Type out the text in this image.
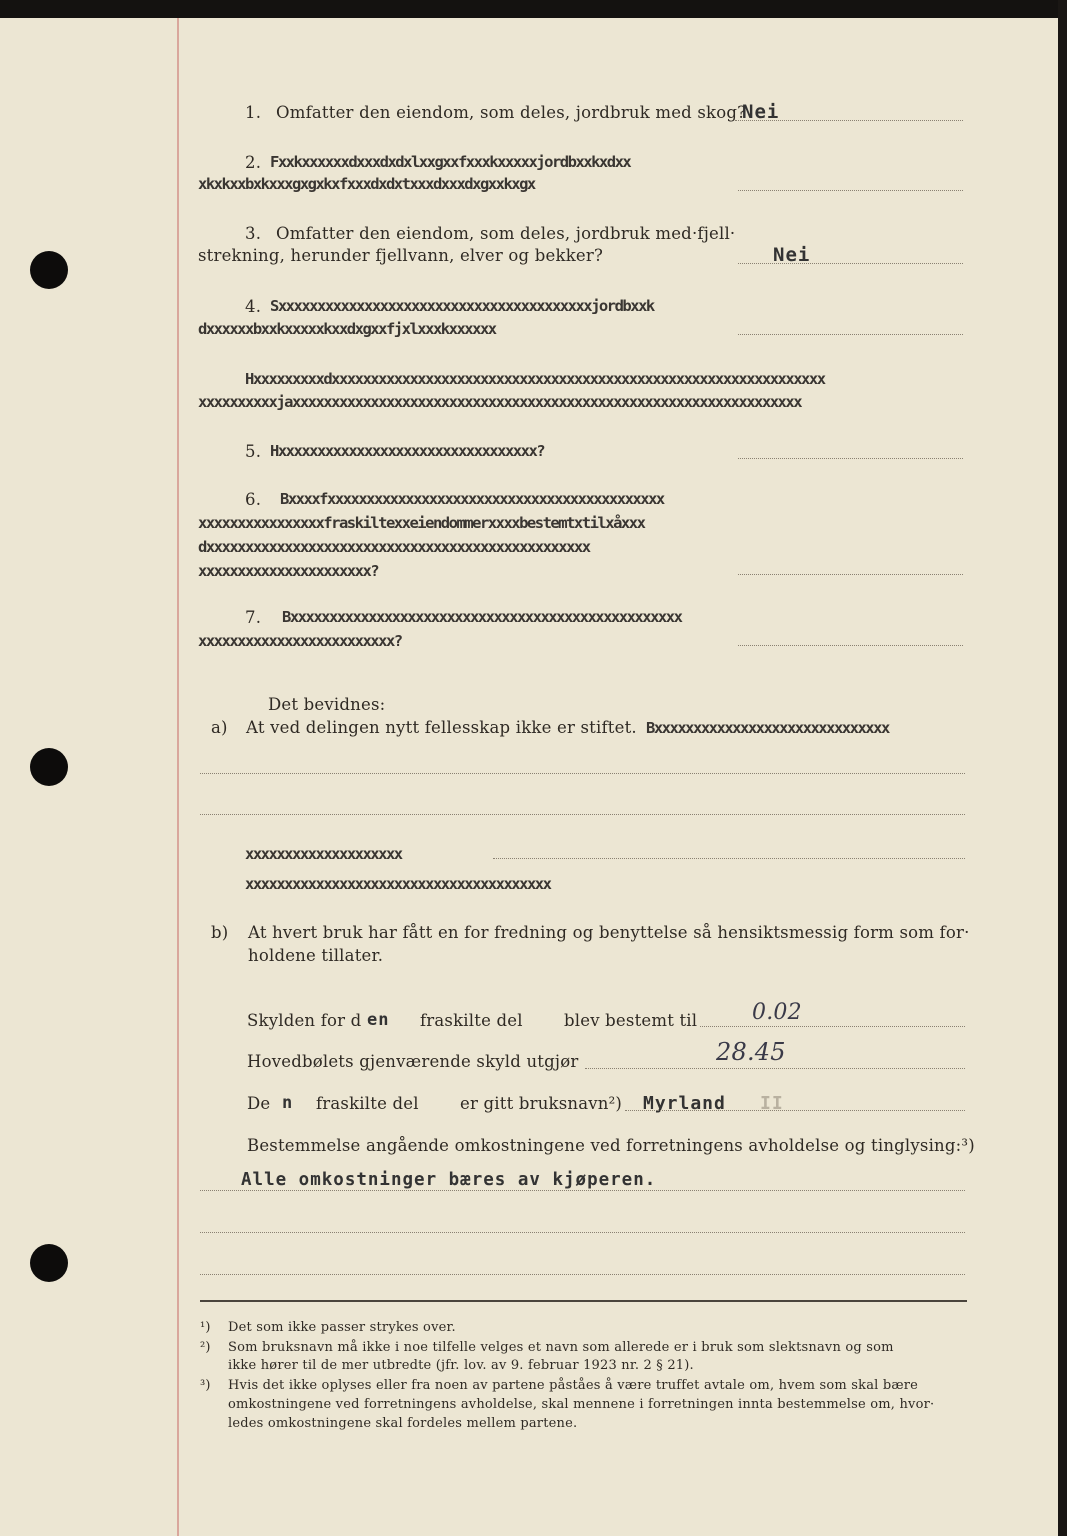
1. Omfatter den eiendom, som deles, jordbruk med skog?
Nei
2. Fxxkxxxxxxdxxxdxdxlxxgxxfxxxkxxxxxjordbxxkxdxx
xkxkxxbxkxxxgxgxkxfxxxdxdxtxxxdxxxdxgxxkxgx
3. Omfatter den eiendom, som deles, jordbruk med·fjell·
strekning, herunder fjellvann, elver og bekker?	Nei
4. Sxxxxxxxxxxxxxxxxxxxxxxxxxxxxxxxxxxxxxxxxjordbxxk
dxxxxxxbxxkxxxxxkxxdxgxxfjxlxxxkxxxxxx
Hxxxxxxxxxdxxxxxxxxxxxxxxxxxxxxxxxxxxxxxxxxxxxxxxxxxxxxxxxxxxxxxxxxxxxxxxx
xxxxxxxxxxjaxxxxxxxxxxxxxxxxxxxxxxxxxxxxxxxxxxxxxxxxxxxxxxxxxxxxxxxxxxxxxxxxx
5. Hxxxxxxxxxxxxxxxxxxxxxxxxxxxxxxxxx?
6. Bxxxxfxxxxxxxxxxxxxxxxxxxxxxxxxxxxxxxxxxxxxxxxxxx
xxxxxxxxxxxxxxxxfraskiltexxeiendommerxxxxbestemtxtilxåxxx
dxxxxxxxxxxxxxxxxxxxxxxxxxxxxxxxxxxxxxxxxxxxxxxxxx
xxxxxxxxxxxxxxxxxxxxxx?
7. Bxxxxxxxxxxxxxxxxxxxxxxxxxxxxxxxxxxxxxxxxxxxxxxxxxx
xxxxxxxxxxxxxxxxxxxxxxxxx?
Det bevidnes:
a) At ved delingen nytt fellesskap ikke er stiftet. Bxxxxxxxxxxxxxxxxxxxxxxxxxxxxxx
xxxxxxxxxxxxxxxxxxxx
xxxxxxxxxxxxxxxxxxxxxxxxxxxxxxxxxxxxxxx
b) At hvert bruk har fått en for fredning og benyttelse så hensiktsmessig form som for·
holdene tillater.
Skylden for d en fraskilte del	blev bestemt til 0.02
Hovedbølets gjenværende skyld utgjør	28.45
De n fraskilte del	er gitt bruksnavn²) Myrland II
Bestemmelse angående omkostningene ved forretningens avholdelse og tinglysing:³)
Alle omkostninger bæres av kjøperen.
¹) Det som ikke passer strykes over.
²) Som bruksnavn må ikke i noe tilfelle velges et navn som allerede er i bruk som slektsnavn og som
ikke hører til de mer utbredte (jfr. lov. av 9. februar 1923 nr. 2 § 21).
³) Hvis det ikke oplyses eller fra noen av partene påståes å være truffet avtale om, hvem som skal bære
omkostningene ved forretningens avholdelse, skal mennene i forretningen innta bestemmelse om, hvor·
ledes omkostningene skal fordeles mellem partene.
